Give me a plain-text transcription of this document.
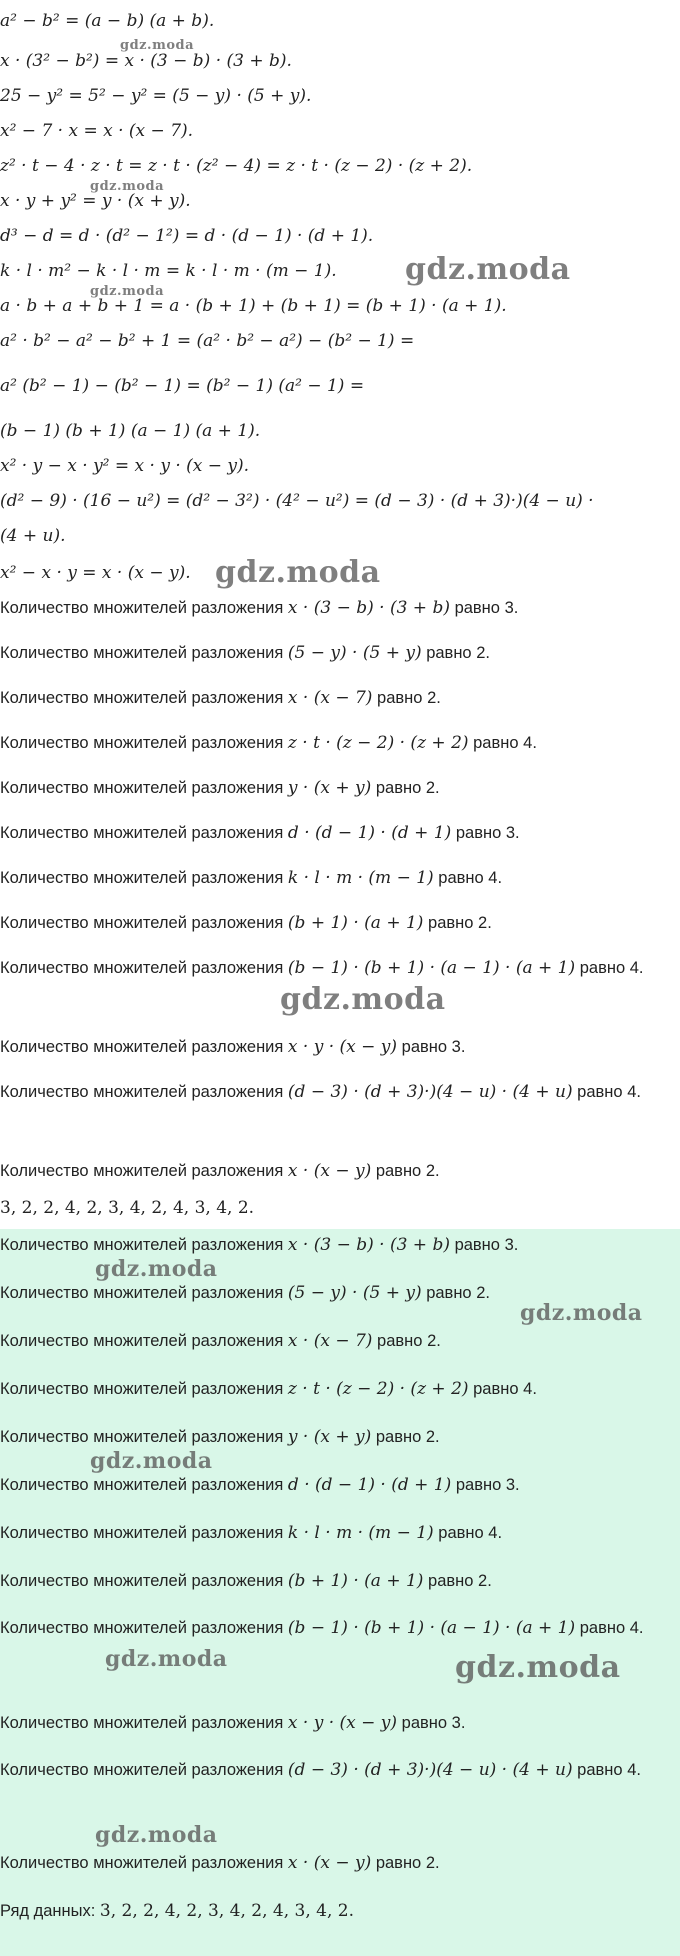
a² − b² = (a − b) (a + b).
x · (3² − b²) = x · (3 − b) · (3 + b).
25 − y² = 5² − y² = (5 − y) · (5 + y).
x² − 7 · x = x · (x − 7).
z² · t − 4 · z · t = z · t · (z² − 4) = z · t · (z − 2) · (z + 2).
x · y + y² = y · (x + y).
d³ − d = d · (d² − 1²) = d · (d − 1) · (d + 1).
k · l · m² − k · l · m = k · l · m · (m − 1).
a · b + a + b + 1 = a · (b + 1) + (b + 1) = (b + 1) · (a + 1).
a² · b² − a² − b² + 1 = (a² · b² − a²) − (b² − 1) =
a² (b² − 1) − (b² − 1) = (b² − 1) (a² − 1) =
(b − 1) (b + 1) (a − 1) (a + 1).
x² · y − x · y² = x · y · (x − y).
(d² − 9) · (16 − u²) = (d² − 3²) · (4² − u²) = (d − 3) · (d + 3)·)(4 − u) ·
(4 + u).
x² − x · y = x · (x − y).
Количество множителей разложения x · (3 − b) · (3 + b) равно 3.
Количество множителей разложения (5 − y) · (5 + y) равно 2.
Количество множителей разложения x · (x − 7) равно 2.
Количество множителей разложения z · t · (z − 2) · (z + 2) равно 4.
Количество множителей разложения y · (x + y) равно 2.
Количество множителей разложения d · (d − 1) · (d + 1) равно 3.
Количество множителей разложения k · l · m · (m − 1) равно 4.
Количество множителей разложения (b + 1) · (a + 1) равно 2.
Количество множителей разложения (b − 1) · (b + 1) · (a − 1) · (a + 1) равно 4.
Количество множителей разложения x · y · (x − y) равно 3.
Количество множителей разложения (d − 3) · (d + 3)·)(4 − u) · (4 + u) равно 4.
Количество множителей разложения x · (x − y) равно 2.
3, 2, 2, 4, 2, 3, 4, 2, 4, 3, 4, 2.
Количество множителей разложения x · (3 − b) · (3 + b) равно 3.
Количество множителей разложения (5 − y) · (5 + y) равно 2.
Количество множителей разложения x · (x − 7) равно 2.
Количество множителей разложения z · t · (z − 2) · (z + 2) равно 4.
Количество множителей разложения y · (x + y) равно 2.
Количество множителей разложения d · (d − 1) · (d + 1) равно 3.
Количество множителей разложения k · l · m · (m − 1) равно 4.
Количество множителей разложения (b + 1) · (a + 1) равно 2.
Количество множителей разложения (b − 1) · (b + 1) · (a − 1) · (a + 1) равно 4.
Количество множителей разложения x · y · (x − y) равно 3.
Количество множителей разложения (d − 3) · (d + 3)·)(4 − u) · (4 + u) равно 4.
Количество множителей разложения x · (x − y) равно 2.
Ряд данных: 3, 2, 2, 4, 2, 3, 4, 2, 4, 3, 4, 2.
gdz.moda
gdz.moda
gdz.moda
gdz.moda
gdz.moda
gdz.moda
gdz.moda
gdz.moda
gdz.moda
gdz.moda	gdz.moda
gdz.moda
